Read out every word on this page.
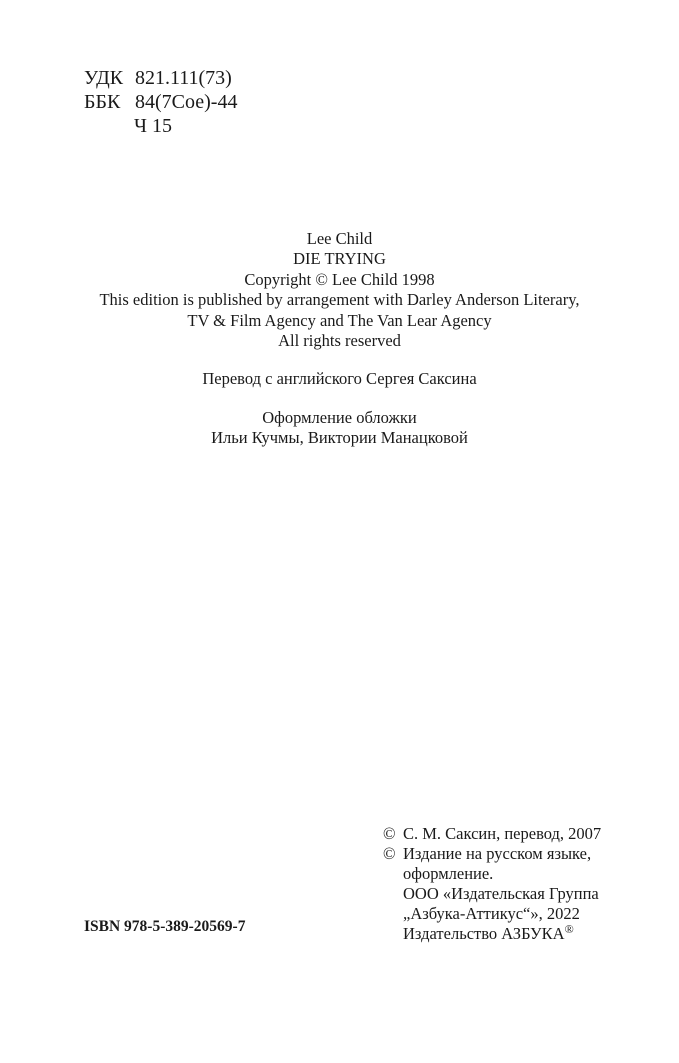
УДК 821.111(73)
ББК 84(7Сое)-44
Ч 15
Lee Child
DIE TRYING
Copyright © Lee Child 1998
This edition is published by arrangement with Darley Anderson Literary,
TV & Film Agency and The Van Lear Agency
All rights reserved
Перевод с английского Сергея Саксина
Оформление обложки
Ильи Кучмы, Виктории Манацковой
© С. М. Саксин, перевод, 2007
© Издание на русском языке,
оформление.
ООО «Издательская Группа
„Азбука-Аттикус“», 2022
Издательство АЗБУКА®
ISBN 978-5-389-20569-7
